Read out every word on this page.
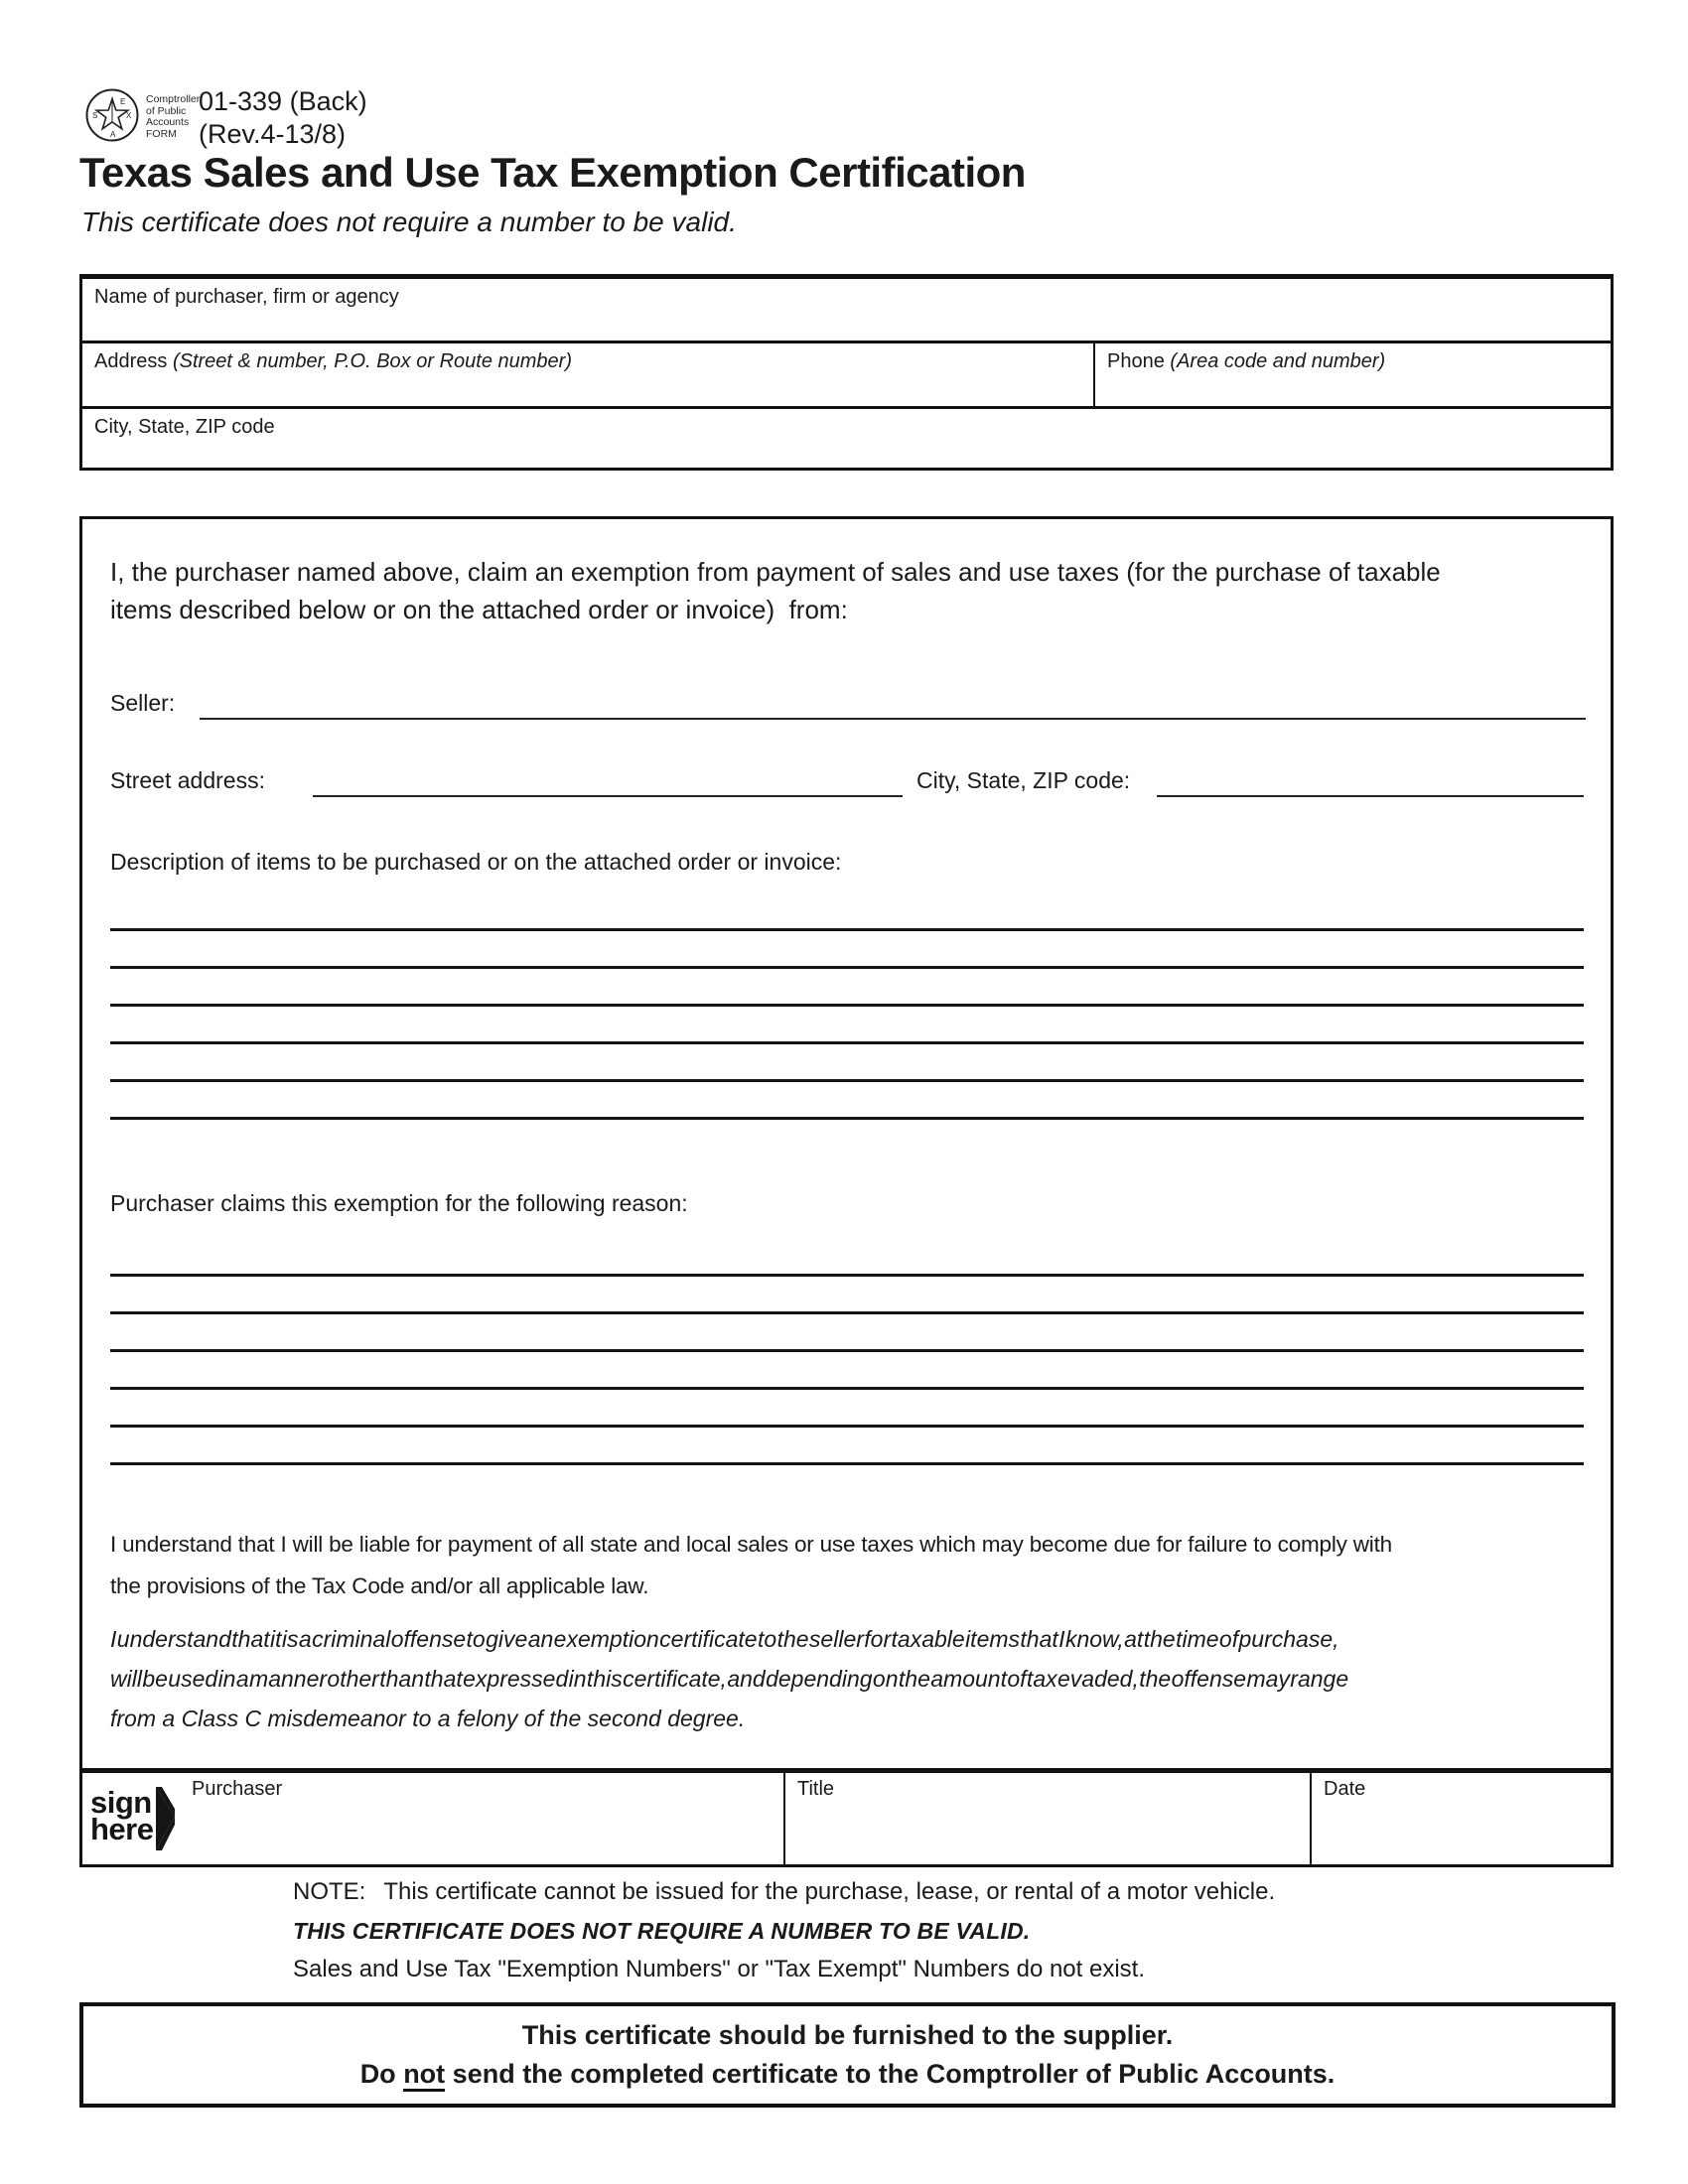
E
X
A
S
Comptroller
of Public
Accounts
FORM
01-339 (Back)
(Rev.4-13/8)
Texas Sales and Use Tax Exemption Certification
This certificate does not require a number to be valid.
Name of purchaser, firm or agency
Address (Street & number, P.O. Box or Route number)	Phone (Area code and number)
City, State, ZIP code
I, the purchaser named above, claim an exemption from payment of sales and use taxes (for the purchase of taxable
items described below or on the attached order or invoice)  from:
Seller:
Street address:	City, State, ZIP code:
Description of items to be purchased or on the attached order or invoice:
Purchaser claims this exemption for the following reason:
I understand that I will be liable for payment of all state and local sales or use taxes which may become due for failure to comply with
the provisions of the Tax Code and/or all applicable law.
I understand that it is a criminal offense to give an exemption certificate to the seller for taxable items that I know, at the time of purchase,
will be used in a manner other than that expressed in this certificate, and depending on the amount of tax evaded, the offense may range
from a Class C misdemeanor to a felony of the second degree.
sign
here
Purchaser	Title	Date
NOTE: This certificate cannot be issued for the purchase, lease, or rental of a motor vehicle.
THIS CERTIFICATE DOES NOT REQUIRE A NUMBER TO BE VALID.
Sales and Use Tax "Exemption Numbers" or "Tax Exempt" Numbers do not exist.
This certificate should be furnished to the supplier.
Do not send the completed certificate to the Comptroller of Public Accounts.
